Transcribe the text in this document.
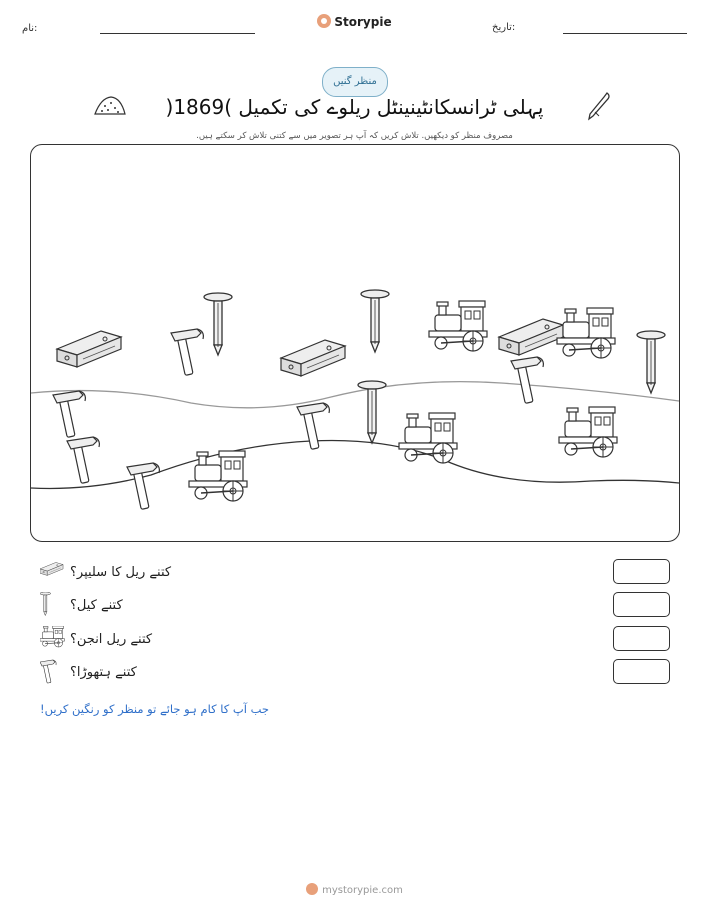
نام:	Storypie	تاریخ:
منظر گنیں
پہلی ٹرانسکانٹینینٹل ریلوے کی تکمیل )1869(
مصروف منظر کو دیکھیں. تلاش کریں کہ آپ ہر تصویر میں سے کتنی تلاش کر سکتے ہیں.
کتنے ریل کا سلیپر؟
کتنے کیل؟
کتنے ریل انجن؟
کتنے ہتھوڑا؟
جب آپ کا کام ہو جائے تو منظر کو رنگین کریں!
mystorypie.com
